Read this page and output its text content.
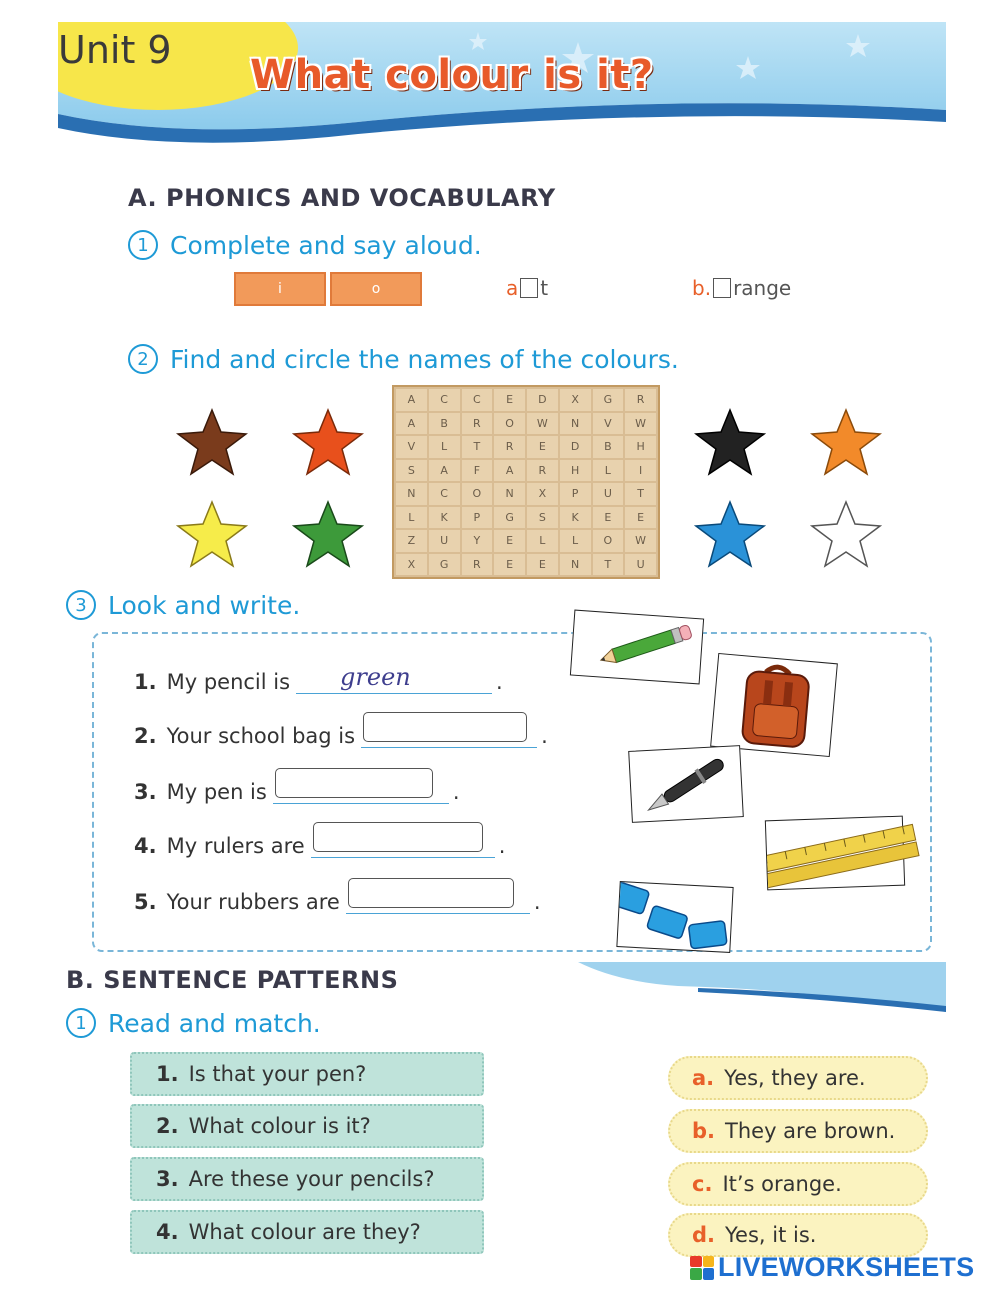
Unit 9
What colour is it?
A. PHONICS AND VOCABULARY
1 Complete and say aloud.
i	o	a t	b. range
2 Find and circle the names of the colours.
A	C	C	E	D	X	G	R
A	B	R	O	W	N	V	W
V	L	T	R	E	D	B	H
S	A	F	A	R	H	L	I
N	C	O	N	X	P	U	T
L	K	P	G	S	K	E	E
Z	U	Y	E	L	L	O	W
X	G	R	E	E	N	T	U
3 Look and write.
1. My pencil is green	.
2. Your school bag is	.
3. My pen is	.
4. My rulers are	.
5. Your rubbers are	.
B. SENTENCE PATTERNS
1 Read and match.
1. Is that your pen?
2. What colour is it?
3. Are these your pencils?
4. What colour are they?
a. Yes, they are.
b. They are brown.
c. It’s orange.
d. Yes, it is.
LIVEWORKSHEETS
